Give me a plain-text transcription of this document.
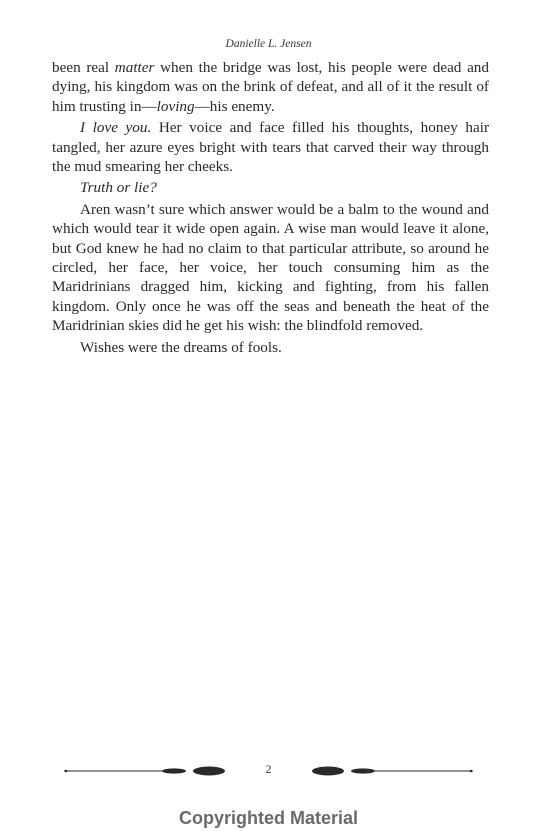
Danielle L. Jensen

been real matter when the bridge was lost, his people were dead and dying, his kingdom was on the brink of defeat, and all of it the result of him trusting in—loving—his enemy.

I love you. Her voice and face filled his thoughts, honey hair tangled, her azure eyes bright with tears that carved their way through the mud smearing her cheeks.

Truth or lie?

Aren wasn’t sure which answer would be a balm to the wound and which would tear it wide open again. A wise man would leave it alone, but God knew he had no claim to that particular attribute, so around he circled, her face, her voice, her touch consuming him as the Maridrinians dragged him, kicking and fighting, from his fallen kingdom. Only once he was off the seas and beneath the heat of the Maridrinian skies did he get his wish: the blindfold removed.

Wishes were the dreams of fools.

2
Copyrighted Material
